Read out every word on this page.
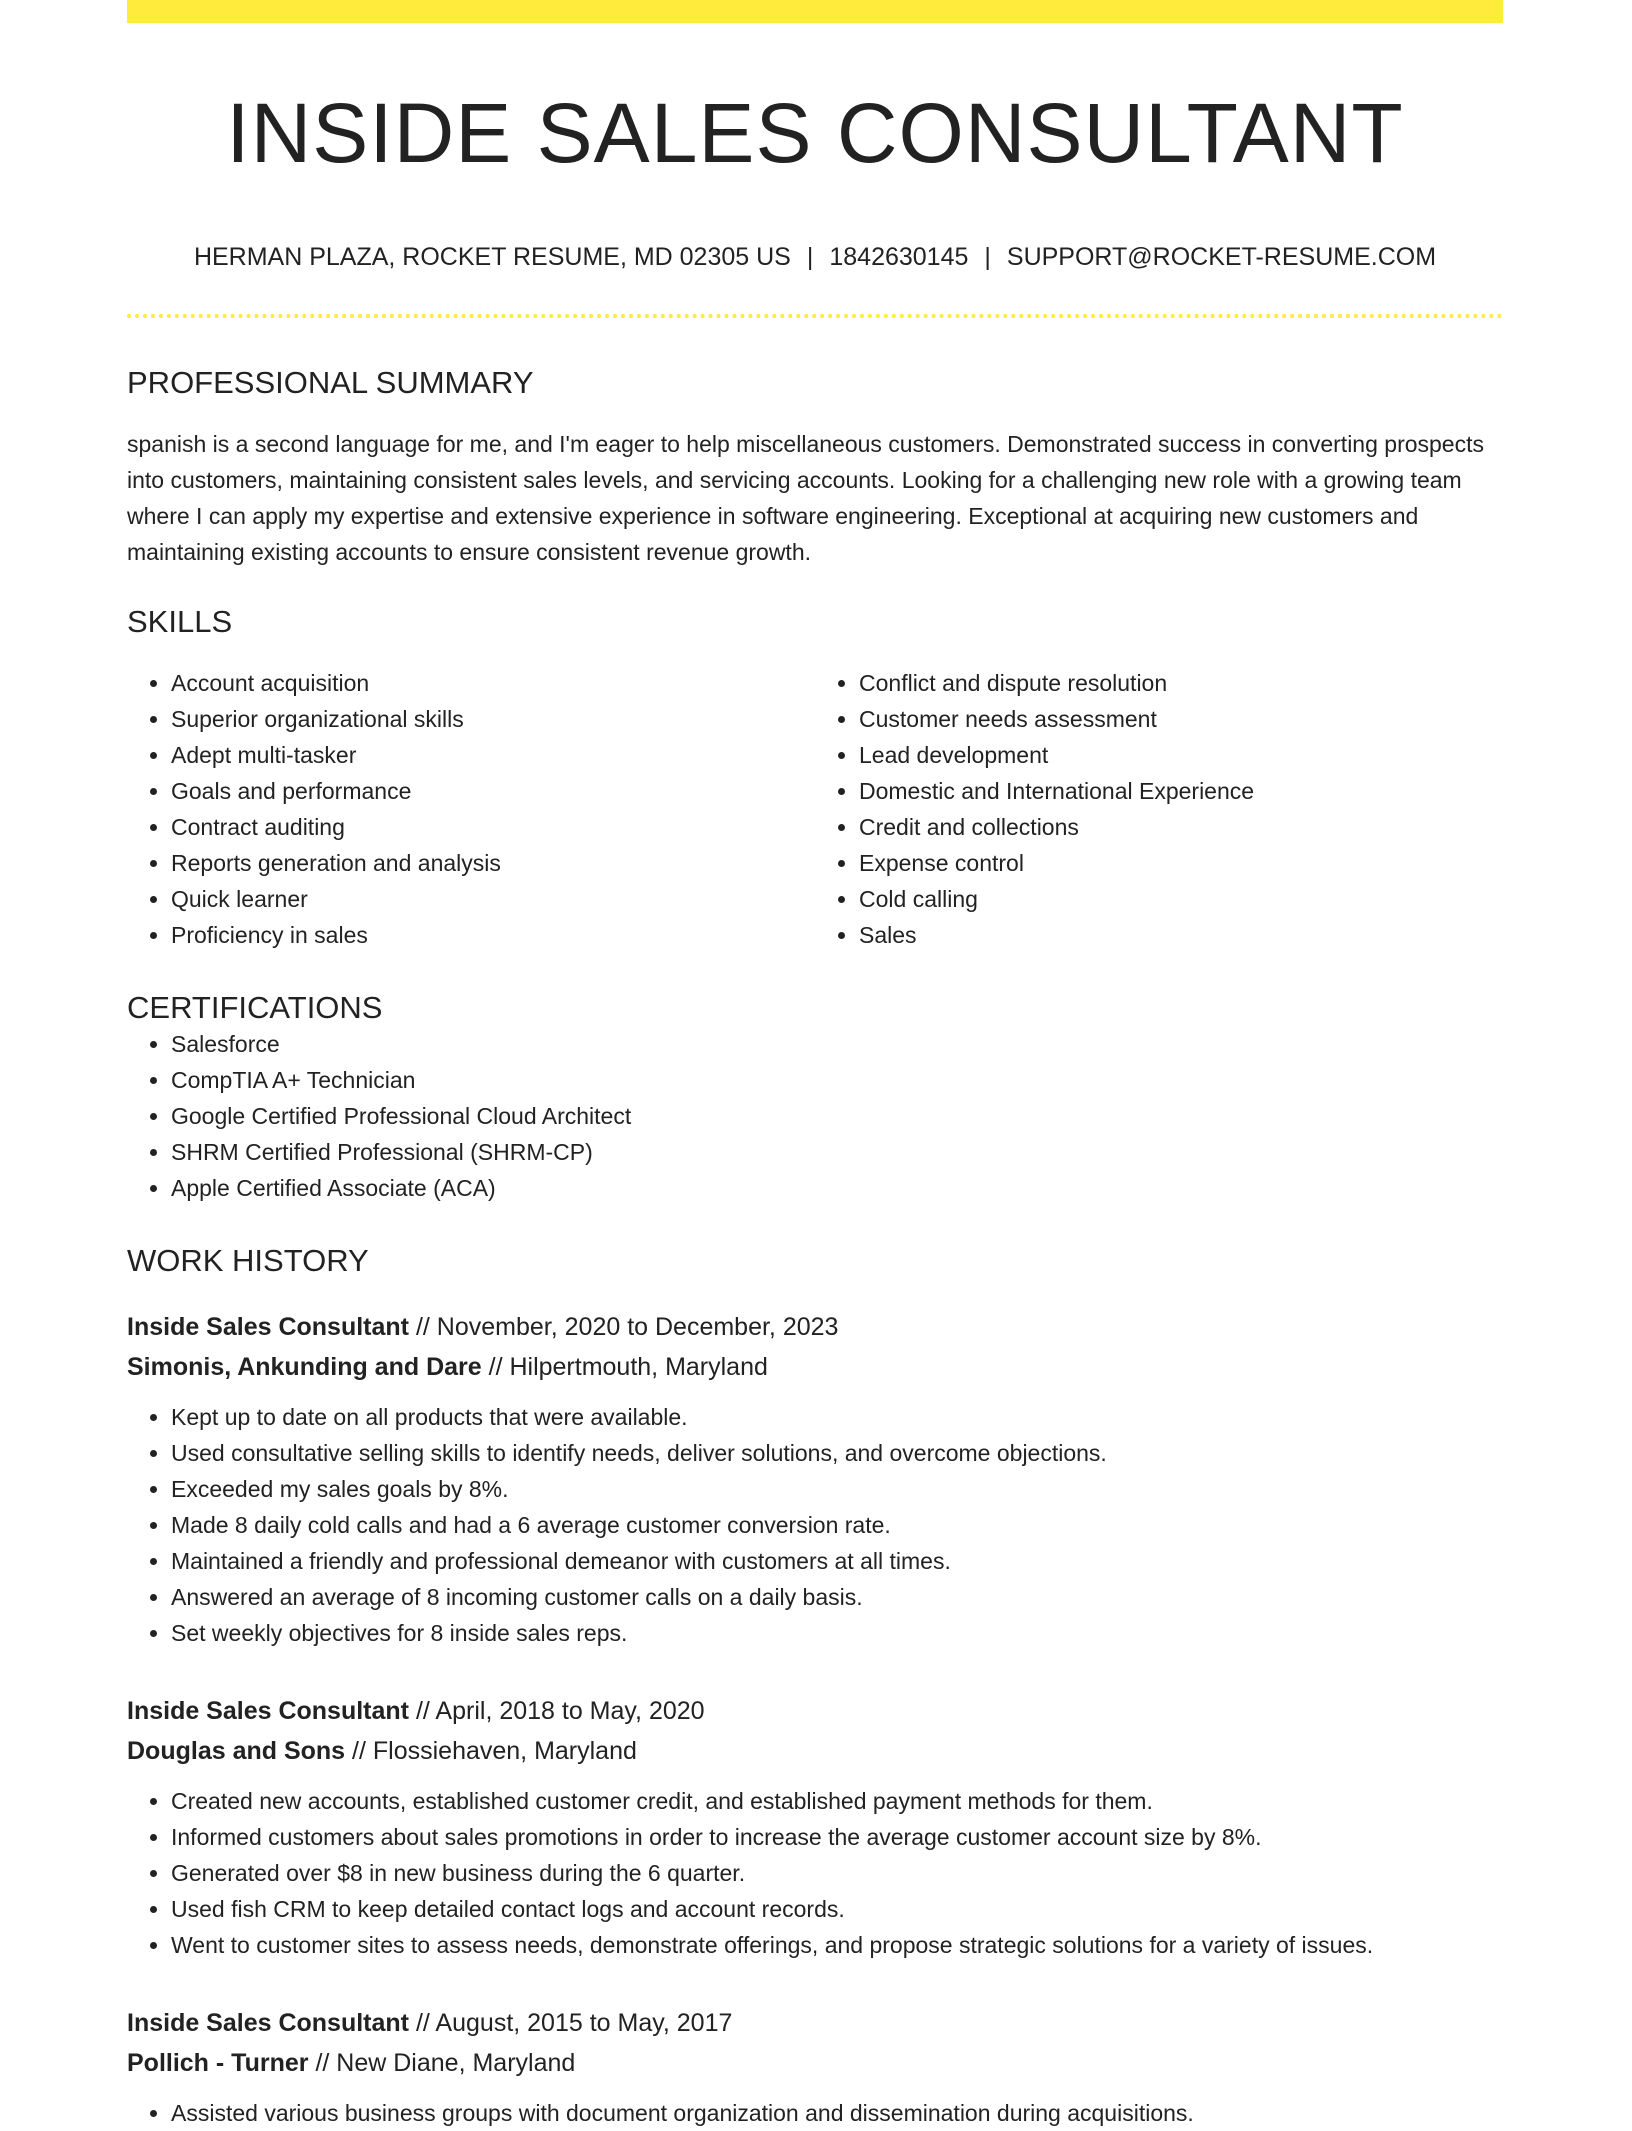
INSIDE SALES CONSULTANT
HERMAN PLAZA, ROCKET RESUME, MD 02305 US | 1842630145 | SUPPORT@ROCKET-RESUME.COM
PROFESSIONAL SUMMARY

spanish is a second language for me, and I'm eager to help miscellaneous customers. Demonstrated success in converting prospects into customers, maintaining consistent sales levels, and servicing accounts. Looking for a challenging new role with a growing team where I can apply my expertise and extensive experience in software engineering. Exceptional at acquiring new customers and maintaining existing accounts to ensure consistent revenue growth.

SKILLS
• Account acquisition
• Superior organizational skills
• Adept multi-tasker
• Goals and performance
• Contract auditing
• Reports generation and analysis
• Quick learner
• Proficiency in sales
• Conflict and dispute resolution
• Customer needs assessment
• Lead development
• Domestic and International Experience
• Credit and collections
• Expense control
• Cold calling
• Sales
CERTIFICATIONS
• Salesforce
• CompTIA A+ Technician
• Google Certified Professional Cloud Architect
• SHRM Certified Professional (SHRM-CP)
• Apple Certified Associate (ACA)
WORK HISTORY
Inside Sales Consultant // November, 2020 to December, 2023
Simonis, Ankunding and Dare // Hilpertmouth, Maryland
• Kept up to date on all products that were available.
• Used consultative selling skills to identify needs, deliver solutions, and overcome objections.
• Exceeded my sales goals by 8%.
• Made 8 daily cold calls and had a 6 average customer conversion rate.
• Maintained a friendly and professional demeanor with customers at all times.
• Answered an average of 8 incoming customer calls on a daily basis.
• Set weekly objectives for 8 inside sales reps.
Inside Sales Consultant // April, 2018 to May, 2020
Douglas and Sons // Flossiehaven, Maryland
• Created new accounts, established customer credit, and established payment methods for them.
• Informed customers about sales promotions in order to increase the average customer account size by 8%.
• Generated over $8 in new business during the 6 quarter.
• Used fish CRM to keep detailed contact logs and account records.
• Went to customer sites to assess needs, demonstrate offerings, and propose strategic solutions for a variety of issues.
Inside Sales Consultant // August, 2015 to May, 2017
Pollich - Turner // New Diane, Maryland
• Assisted various business groups with document organization and dissemination during acquisitions.
